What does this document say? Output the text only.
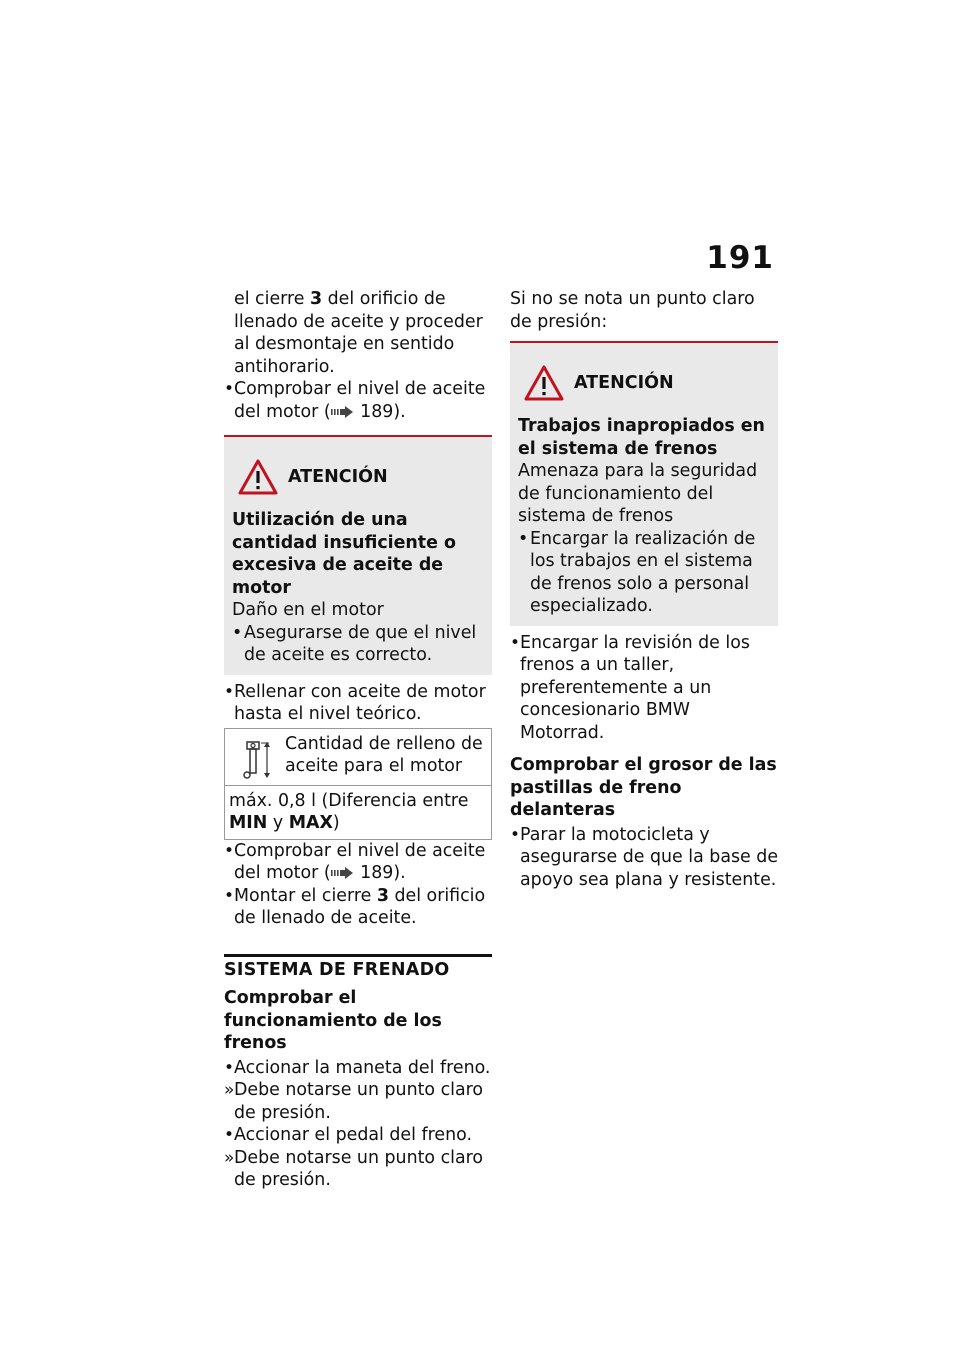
191

el cierre 3 del orificio de llenado de aceite y proceder al desmontaje en sentido antihorario.

• Comprobar el nivel de aceite del motor ( 189).
ATENCIÓN
Utilización de una cantidad insuficiente o excesiva de aceite de motor
Daño en el motor
• Asegurarse de que el nivel de aceite es correcto.
• Rellenar con aceite de motor hasta el nivel teórico.
Cantidad de relleno de aceite para el motor
máx. 0,8 l (Diferencia entre MIN y MAX)
• Comprobar el nivel de aceite del motor ( 189).
• Montar el cierre 3 del orificio de llenado de aceite.
SISTEMA DE FRENADO
Comprobar el funcionamiento de los frenos
• Accionar la maneta del freno.
» Debe notarse un punto claro de presión.
• Accionar el pedal del freno.
» Debe notarse un punto claro de presión.

Si no se nota un punto claro de presión:

ATENCIÓN
Trabajos inapropiados en el sistema de frenos
Amenaza para la seguridad de funcionamiento del sistema de frenos
• Encargar la realización de los trabajos en el sistema de frenos solo a personal especializado.
• Encargar la revisión de los frenos a un taller, preferentemente a un concesionario BMW Motorrad.
Comprobar el grosor de las pastillas de freno delanteras
• Parar la motocicleta y asegurarse de que la base de apoyo sea plana y resistente.
